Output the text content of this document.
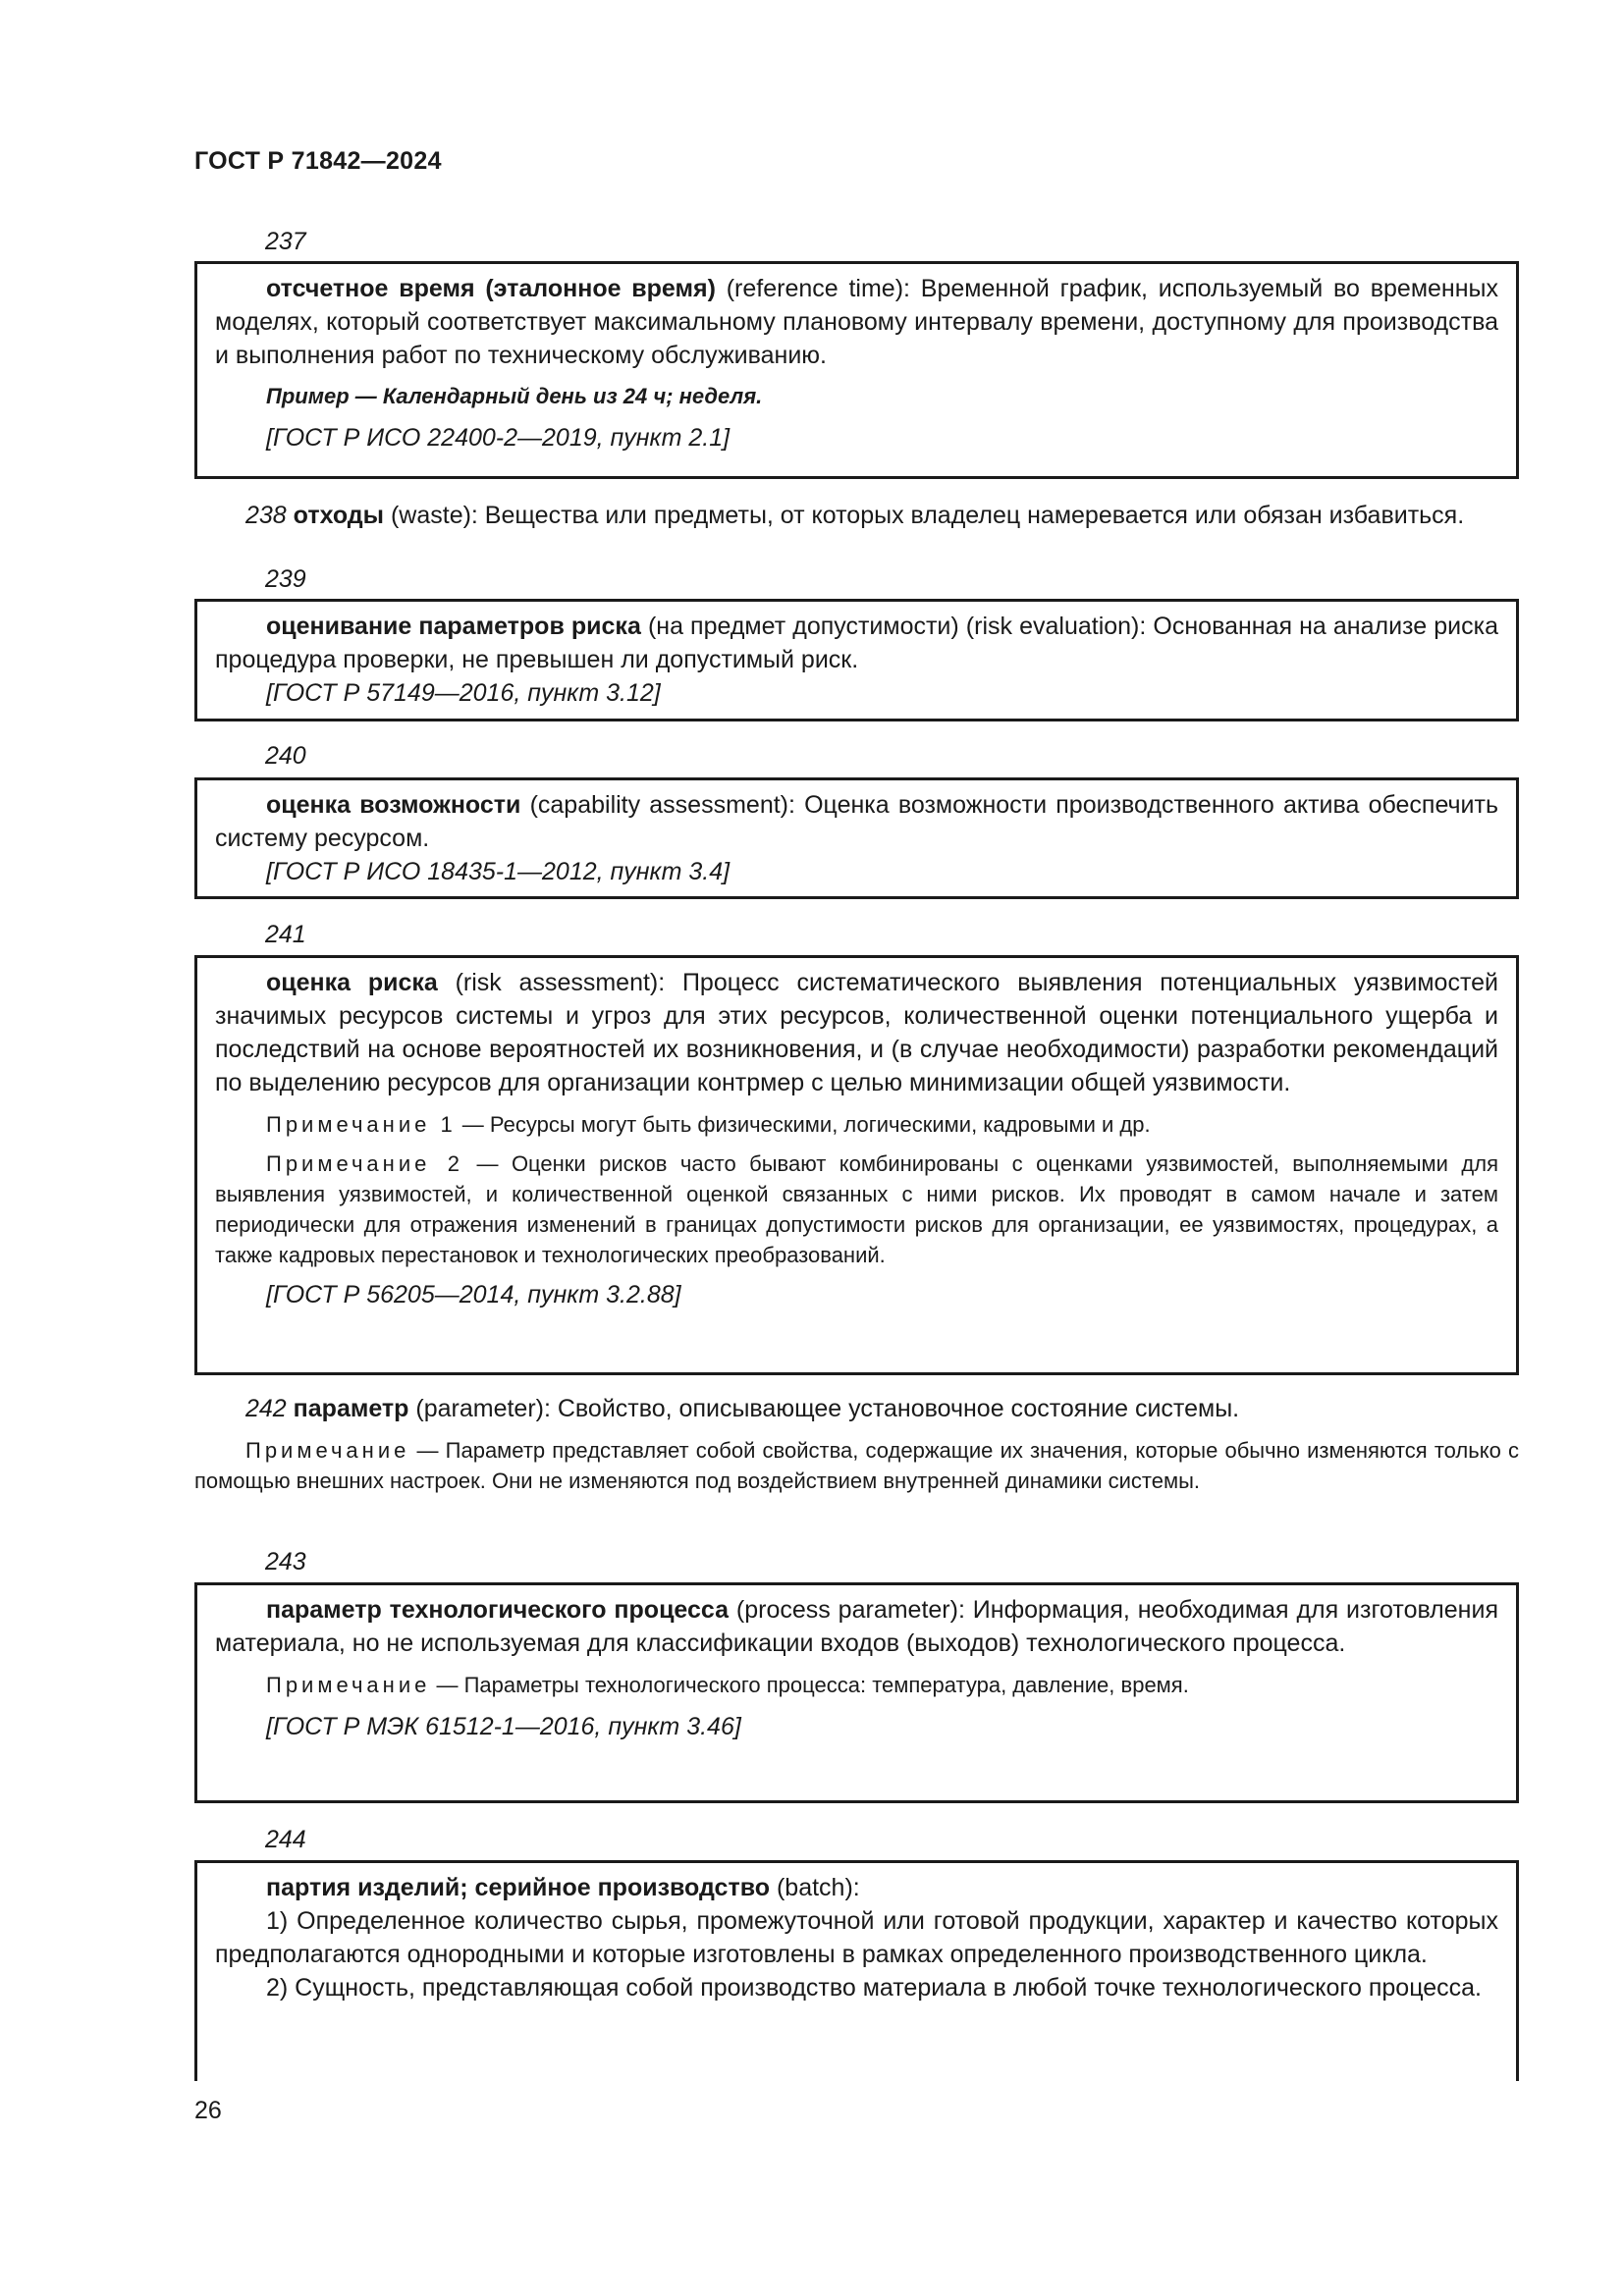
ГОСТ Р 71842—2024
237

отсчетное время (эталонное время) (reference time): Временной график, используемый во временных моделях, который соответствует максимальному плановому интервалу времени, доступному для производства и выполнения работ по техническому обслуживанию.

Пример — Календарный день из 24 ч; неделя.

[ГОСТ Р ИСО 22400-2—2019, пункт 2.1]

238 отходы (waste): Вещества или предметы, от которых владелец намеревается или обязан избавиться.

239

оценивание параметров риска (на предмет допустимости) (risk evaluation): Основанная на анализе риска процедура проверки, не превышен ли допустимый риск.

[ГОСТ Р 57149—2016, пункт 3.12]

240

оценка возможности (capability assessment): Оценка возможности производственного актива обеспечить систему ресурсом.

[ГОСТ Р ИСО 18435-1—2012, пункт 3.4]

241

оценка риска (risk assessment): Процесс систематического выявления потенциальных уязвимостей значимых ресурсов системы и угроз для этих ресурсов, количественной оценки потенциального ущерба и последствий на основе вероятностей их возникновения, и (в случае необходимости) разработки рекомендаций по выделению ресурсов для организации контрмер с целью минимизации общей уязвимости.

Примечание 1 — Ресурсы могут быть физическими, логическими, кадровыми и др.

Примечание 2 — Оценки рисков часто бывают комбинированы с оценками уязвимостей, выполняемыми для выявления уязвимостей, и количественной оценкой связанных с ними рисков. Их проводят в самом начале и затем периодически для отражения изменений в границах допустимости рисков для организации, ее уязвимостях, процедурах, а также кадровых перестановок и технологических преобразований.

[ГОСТ Р 56205—2014, пункт 3.2.88]

242 параметр (parameter): Свойство, описывающее установочное состояние системы.

Примечание — Параметр представляет собой свойства, содержащие их значения, которые обычно изменяются только с помощью внешних настроек. Они не изменяются под воздействием внутренней динамики системы.

243

параметр технологического процесса (process parameter): Информация, необходимая для изготовления материала, но не используемая для классификации входов (выходов) технологического процесса.

Примечание — Параметры технологического процесса: температура, давление, время.

[ГОСТ Р МЭК 61512-1—2016, пункт 3.46]

244

партия изделий; серийное производство (batch):

1) Определенное количество сырья, промежуточной или готовой продукции, характер и качество которых предполагаются однородными и которые изготовлены в рамках определенного производственного цикла.

2) Сущность, представляющая собой производство материала в любой точке технологического процесса.

26
